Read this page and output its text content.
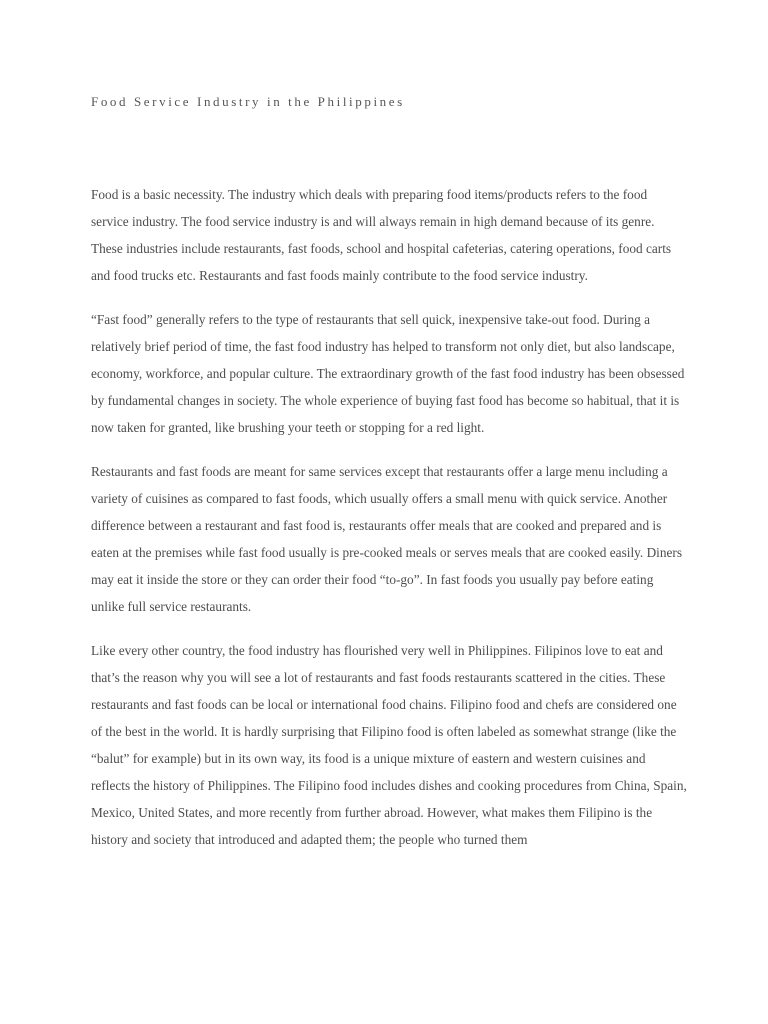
Food Service Industry in the Philippines

Food is a basic necessity. The industry which deals with preparing food items/products refers to the food service industry. The food service industry is and will always remain in high demand because of its genre. These industries include restaurants, fast foods, school and hospital cafeterias, catering operations, food carts and food trucks etc. Restaurants and fast foods mainly contribute to the food service industry.

“Fast food” generally refers to the type of restaurants that sell quick, inexpensive take-out food. During a relatively brief period of time, the fast food industry has helped to transform not only diet, but also landscape, economy, workforce, and popular culture. The extraordinary growth of the fast food industry has been obsessed by fundamental changes in society. The whole experience of buying fast food has become so habitual, that it is now taken for granted, like brushing your teeth or stopping for a red light.

Restaurants and fast foods are meant for same services except that restaurants offer a large menu including a variety of cuisines as compared to fast foods, which usually offers a small menu with quick service. Another difference between a restaurant and fast food is, restaurants offer meals that are cooked and prepared and is eaten at the premises while fast food usually is pre-cooked meals or serves meals that are cooked easily. Diners may eat it inside the store or they can order their food “to-go”. In fast foods you usually pay before eating unlike full service restaurants.

Like every other country, the food industry has flourished very well in Philippines. Filipinos love to eat and that’s the reason why you will see a lot of restaurants and fast foods restaurants scattered in the cities. These restaurants and fast foods can be local or international food chains. Filipino food and chefs are considered one of the best in the world. It is hardly surprising that Filipino food is often labeled as somewhat strange (like the “balut” for example) but in its own way, its food is a unique mixture of eastern and western cuisines and reflects the history of Philippines. The Filipino food includes dishes and cooking procedures from China, Spain, Mexico, United States, and more recently from further abroad. However, what makes them Filipino is the history and society that introduced and adapted them; the people who turned them
